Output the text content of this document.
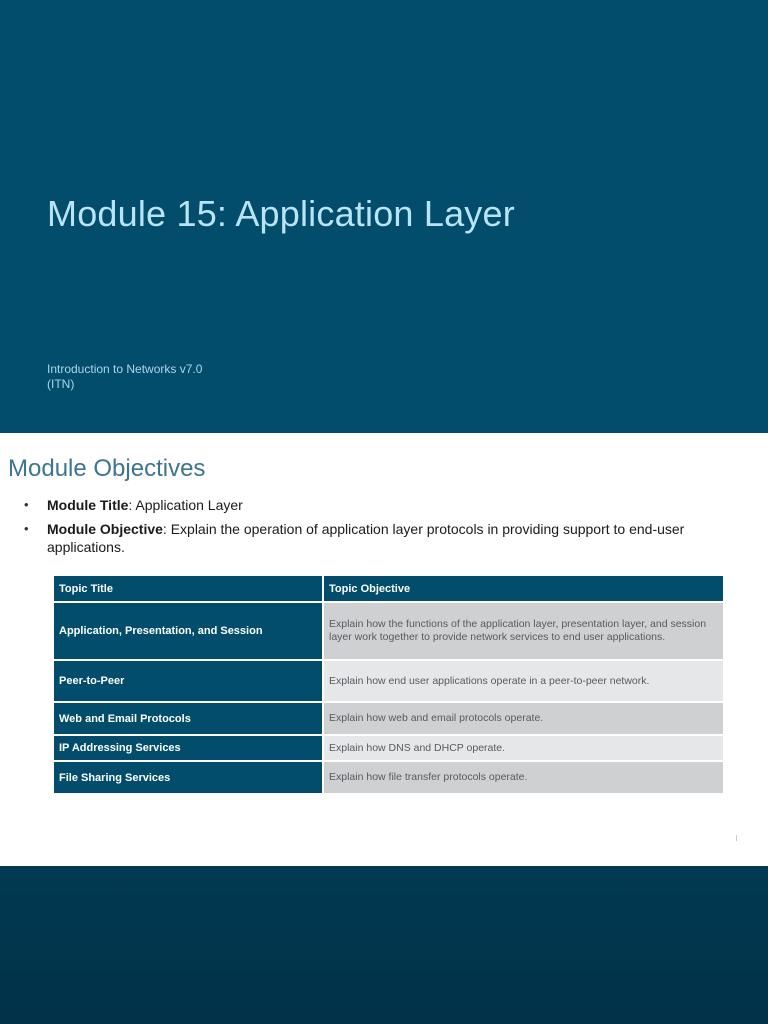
Module 15: Application Layer
Introduction to Networks v7.0
(ITN)
Module Objectives
• Module Title: Application Layer
• Module Objective: Explain the operation of application layer protocols in providing support to end-user applications.
Topic Title	Topic Objective
Application, Presentation, and Session	Explain how the functions of the application layer, presentation layer, and session layer work together to provide network services to end user applications.
Peer-to-Peer	Explain how end user applications operate in a peer-to-peer network.
Web and Email Protocols	Explain how web and email protocols operate.
IP Addressing Services	Explain how DNS and DHCP operate.
File Sharing Services	Explain how file transfer protocols operate.
